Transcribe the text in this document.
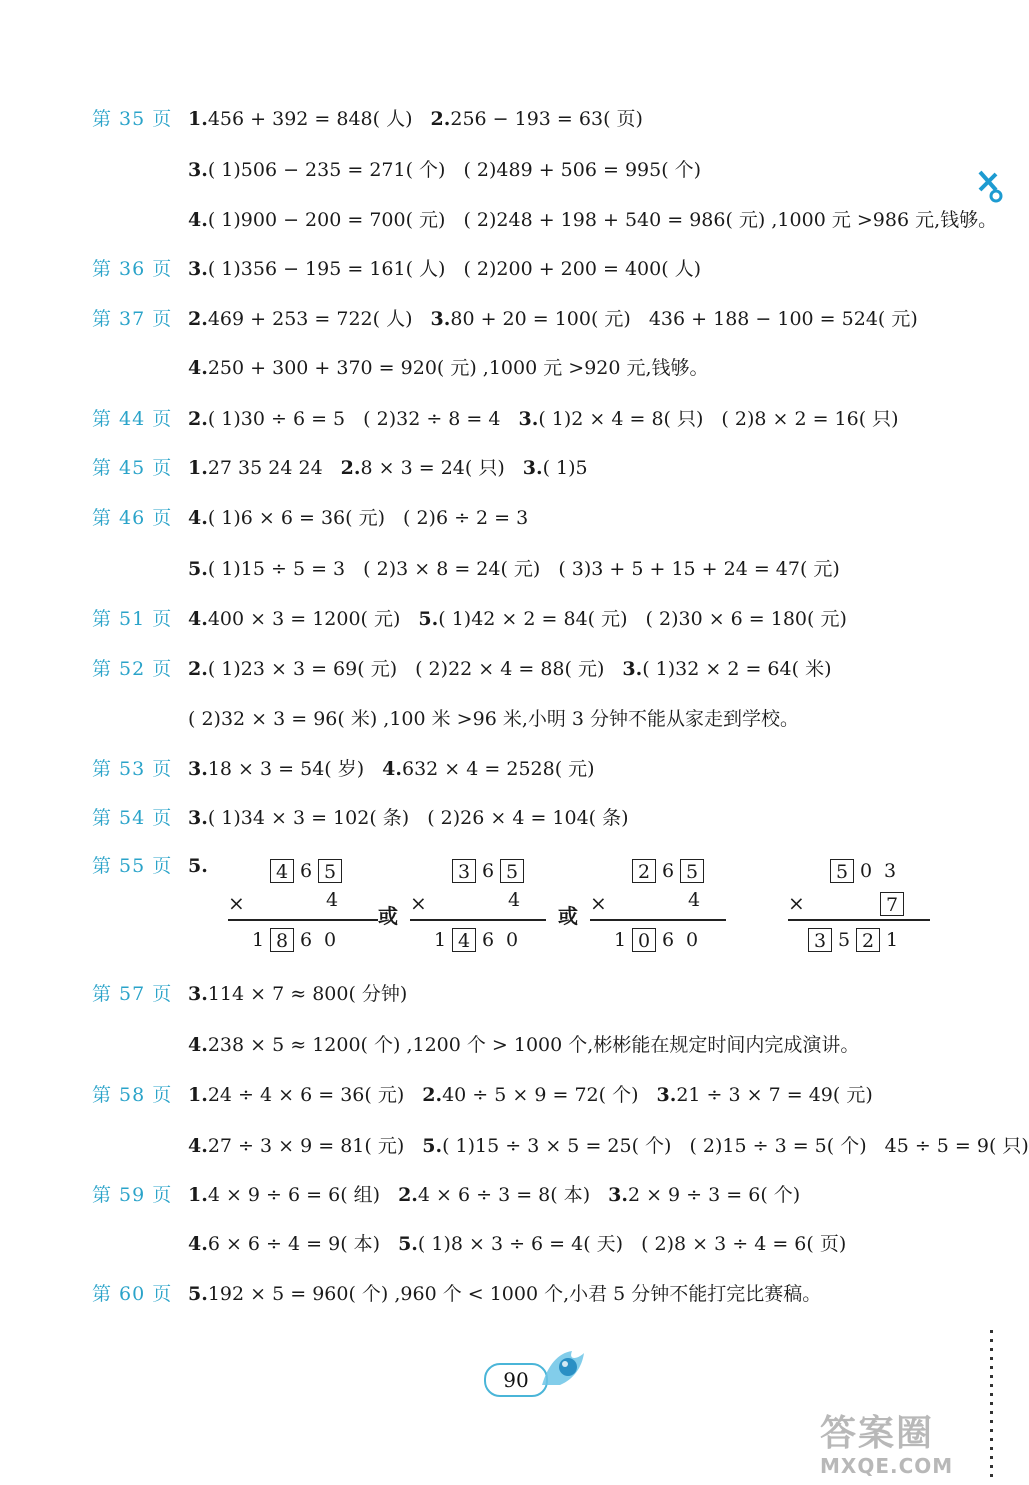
第 35 页 1.456 + 392 = 848( 人) 2.256 − 193 = 63( 页)
3.( 1)506 − 235 = 271( 个) ( 2)489 + 506 = 995( 个)
4.( 1)900 − 200 = 700( 元) ( 2)248 + 198 + 540 = 986( 元) ,1000 元 >986 元,钱够。
第 36 页 3.( 1)356 − 195 = 161( 人) ( 2)200 + 200 = 400( 人)
第 37 页 2.469 + 253 = 722( 人) 3.80 + 20 = 100( 元) 436 + 188 − 100 = 524( 元)
4.250 + 300 + 370 = 920( 元) ,1000 元 >920 元,钱够。
第 44 页 2.( 1)30 ÷ 6 = 5 ( 2)32 ÷ 8 = 4 3.( 1)2 × 4 = 8( 只) ( 2)8 × 2 = 16( 只)
第 45 页 1.27 35 24 24 2.8 × 3 = 24( 只) 3.( 1)5
第 46 页 4.( 1)6 × 6 = 36( 元) ( 2)6 ÷ 2 = 3
5.( 1)15 ÷ 5 = 3 ( 2)3 × 8 = 24( 元) ( 3)3 + 5 + 15 + 24 = 47( 元)
第 51 页 4.400 × 3 = 1200( 元) 5.( 1)42 × 2 = 84( 元) ( 2)30 × 6 = 180( 元)
第 52 页 2.( 1)23 × 3 = 69( 元) ( 2)22 × 4 = 88( 元) 3.( 1)32 × 2 = 64( 米)
( 2)32 × 3 = 96( 米) ,100 米 >96 米,小明 3 分钟不能从家走到学校。
第 53 页 3.18 × 3 = 54( 岁) 4.632 × 4 = 2528( 元)
第 54 页 3.( 1)34 × 3 = 102( 条) ( 2)26 × 4 = 104( 条)
第 55 页 5.
第 57 页 3.114 × 7 ≈ 800( 分钟)
4.238 × 5 ≈ 1200( 个) ,1200 个 > 1000 个,彬彬能在规定时间内完成演讲。
第 58 页 1.24 ÷ 4 × 6 = 36( 元) 2.40 ÷ 5 × 9 = 72( 个) 3.21 ÷ 3 × 7 = 49( 元)
4.27 ÷ 3 × 9 = 81( 元) 5.( 1)15 ÷ 3 × 5 = 25( 个) ( 2)15 ÷ 3 = 5( 个) 45 ÷ 5 = 9( 只)
第 59 页 1.4 × 9 ÷ 6 = 6( 组) 2.4 × 6 ÷ 3 = 8( 本) 3.2 × 9 ÷ 3 = 6( 个)
4.6 × 6 ÷ 4 = 9( 本) 5.( 1)8 × 3 ÷ 6 = 4( 天) ( 2)8 × 3 ÷ 4 = 6( 页)
第 60 页 5.192 × 5 = 960( 个) ,960 个 < 1000 个,小君 5 分钟不能打完比赛稿。
4 6 5
×	4
1 8 6 0
3 6 5
×	4
1 4 6 0
2 6 5
×	4
1 0 6 0
5 0 3
×	7
3 5 2 1
或	或
90
答案圈
MXQE.COM
